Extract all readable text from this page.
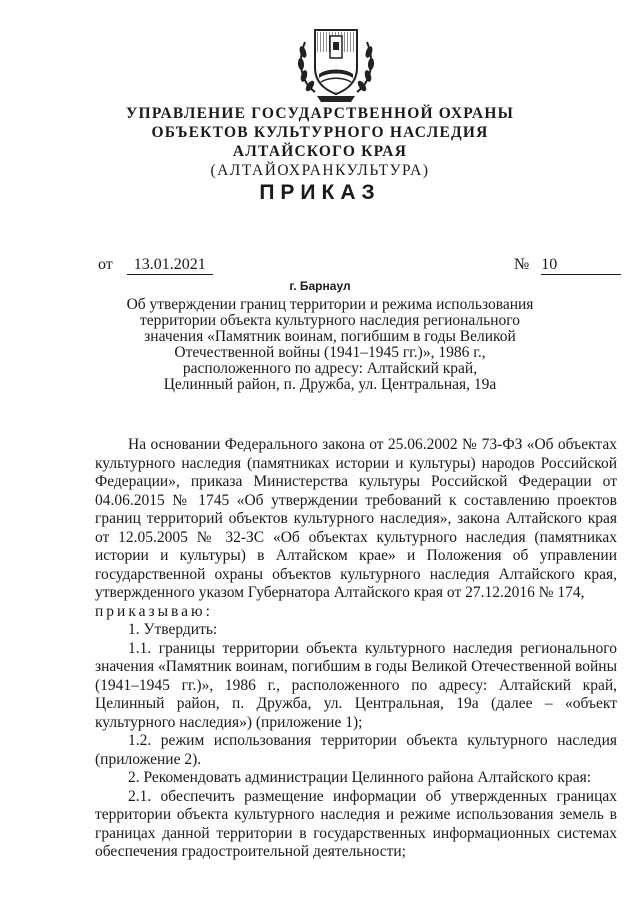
УПРАВЛЕНИЕ ГОСУДАРСТВЕННОЙ ОХРАНЫ
ОБЪЕКТОВ КУЛЬТУРНОГО НАСЛЕДИЯ
АЛТАЙСКОГО КРАЯ
(АЛТАЙОХРАНКУЛЬТУРА)
ПРИКАЗ
от 13.01.2021	№ 10
г. Барнаул
Об утверждении границ территории и режима использования
территории объекта культурного наследия регионального
значения «Памятник воинам, погибшим в годы Великой
Отечественной войны (1941–1945 гг.)», 1986 г.,
расположенного по адресу: Алтайский край,
Целинный район, п. Дружба, ул. Центральная, 19а

На основании Федерального закона от 25.06.2002 № 73-ФЗ «Об объектах культурного наследия (памятниках истории и культуры) народов Российской Федерации», приказа Министерства культуры Российской Федерации от 04.06.2015 № 1745 «Об утверждении требований к составлению проектов границ территорий объектов культурного наследия», закона Алтайского края от 12.05.2005 № 32-ЗС «Об объектах культурного наследия (памятниках истории и культуры) в Алтайском крае» и Положения об управлении государственной охраны объектов культурного наследия Алтайского края, утвержденного указом Губернатора Алтайского края от 27.12.2016 № 174,

приказываю:

1. Утвердить:

1.1. границы территории объекта культурного наследия регионального значения «Памятник воинам, погибшим в годы Великой Отечественной войны (1941–1945 гг.)», 1986 г., расположенного по адресу: Алтайский край, Целинный район, п. Дружба, ул. Центральная, 19а (далее – «объект культурного наследия») (приложение 1);

1.2. режим использования территории объекта культурного наследия (приложение 2).

2. Рекомендовать администрации Целинного района Алтайского края:

2.1. обеспечить размещение информации об утвержденных границах территории объекта культурного наследия и режиме использования земель в границах данной территории в государственных информационных системах обеспечения градостроительной деятельности;
